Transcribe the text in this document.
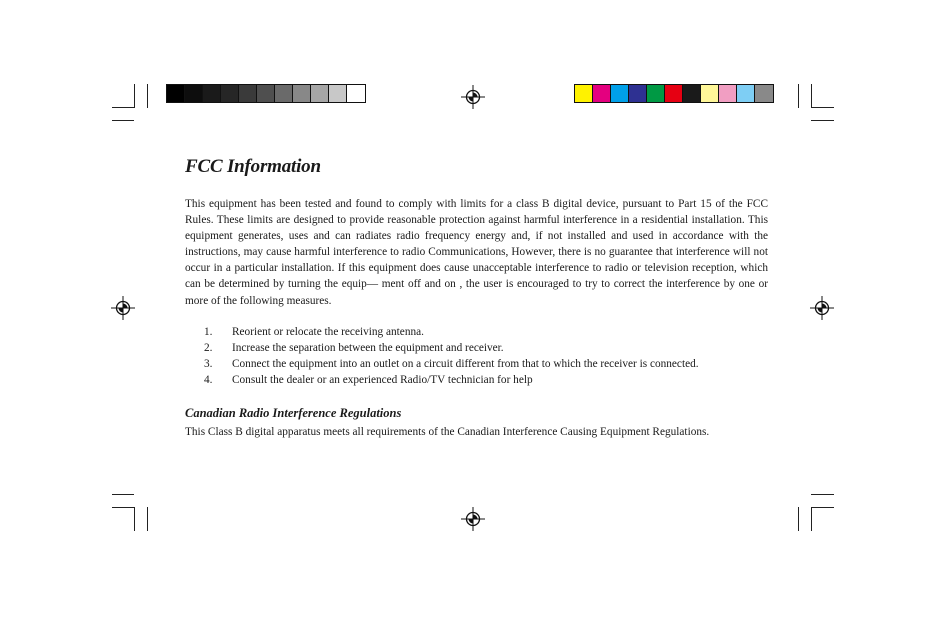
FCC Information

This equipment has been tested and found to comply with limits for a class B digital device, pursuant to Part 15 of the FCC Rules. These limits are designed to provide reasonable protection against harmful interference in a residential installation. This equipment generates, uses and can radiates radio frequency energy and, if not installed and used in accordance with the instructions, may cause harmful interference to radio Communications, However, there is no guarantee that interference will not occur in a particular installation. If this equipment does cause unacceptable interference to radio or television reception, which can be determined by turning the equip— ment off and on , the user is encouraged to try to correct the interference by one or more of the following measures.

1.	Reorient or relocate the receiving antenna.
2.	Increase the separation between the equipment and receiver.
3.	Connect the equipment into an outlet on a circuit different from that to which the receiver is connected.
4.	Consult the dealer or an experienced Radio/TV technician for help
Canadian Radio Interference Regulations

This Class B digital apparatus meets all requirements of the Canadian Interference Causing Equipment Regulations.
